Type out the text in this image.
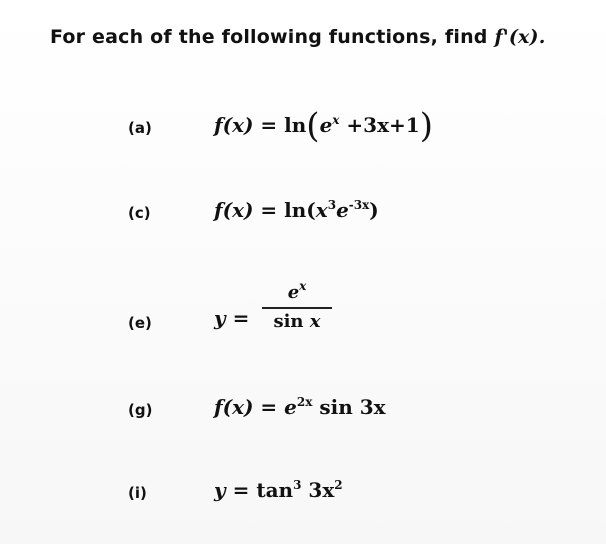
For each of the following functions, find f'(x).
(a)	$f(x) = \ln(e^x +3x+1)$
(c)	$f(x) = \ln(x^3e^{-3x})$
(e)	y =
$e^x$
sin x
(g)	$f(x) = e^{2x}$ sin 3x
(i)	$y = \tan^3 3x^2$
